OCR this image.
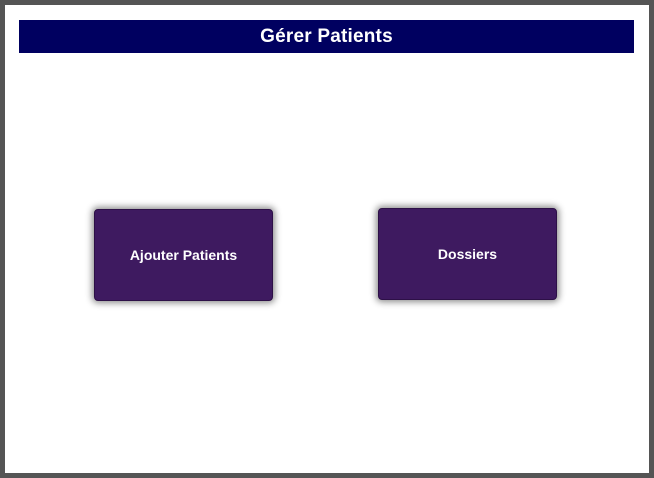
Gérer Patients
Ajouter Patients	Dossiers
